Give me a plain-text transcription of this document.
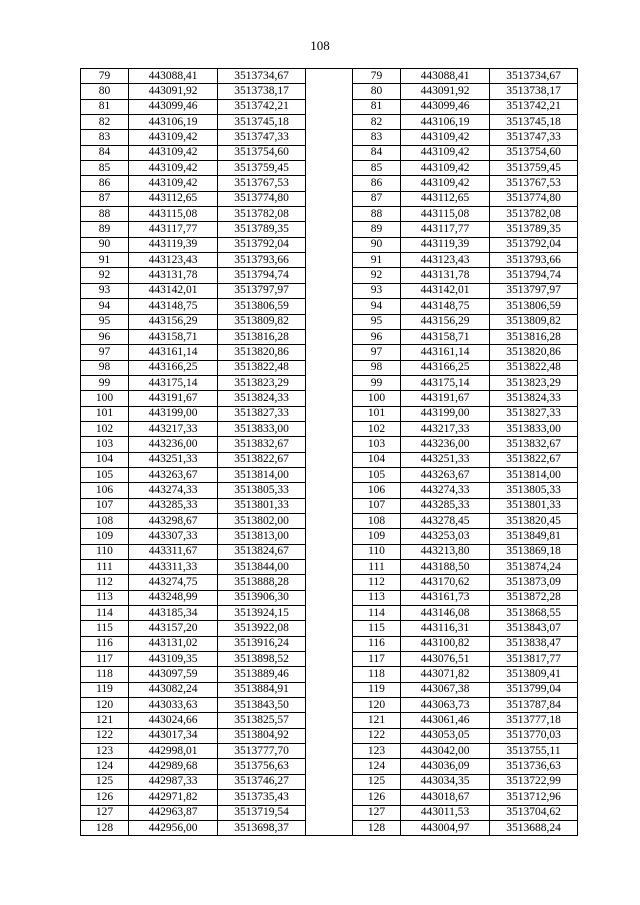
108
79	443088,41	3513734,67		79	443088,41	3513734,67
80	443091,92	3513738,17		80	443091,92	3513738,17
81	443099,46	3513742,21		81	443099,46	3513742,21
82	443106,19	3513745,18		82	443106,19	3513745,18
83	443109,42	3513747,33		83	443109,42	3513747,33
84	443109,42	3513754,60		84	443109,42	3513754,60
85	443109,42	3513759,45		85	443109,42	3513759,45
86	443109,42	3513767,53		86	443109,42	3513767,53
87	443112,65	3513774,80		87	443112,65	3513774,80
88	443115,08	3513782,08		88	443115,08	3513782,08
89	443117,77	3513789,35		89	443117,77	3513789,35
90	443119,39	3513792,04		90	443119,39	3513792,04
91	443123,43	3513793,66		91	443123,43	3513793,66
92	443131,78	3513794,74		92	443131,78	3513794,74
93	443142,01	3513797,97		93	443142,01	3513797,97
94	443148,75	3513806,59		94	443148,75	3513806,59
95	443156,29	3513809,82		95	443156,29	3513809,82
96	443158,71	3513816,28		96	443158,71	3513816,28
97	443161,14	3513820,86		97	443161,14	3513820,86
98	443166,25	3513822,48		98	443166,25	3513822,48
99	443175,14	3513823,29		99	443175,14	3513823,29
100	443191,67	3513824,33		100	443191,67	3513824,33
101	443199,00	3513827,33		101	443199,00	3513827,33
102	443217,33	3513833,00		102	443217,33	3513833,00
103	443236,00	3513832,67		103	443236,00	3513832,67
104	443251,33	3513822,67		104	443251,33	3513822,67
105	443263,67	3513814,00		105	443263,67	3513814,00
106	443274,33	3513805,33		106	443274,33	3513805,33
107	443285,33	3513801,33		107	443285,33	3513801,33
108	443298,67	3513802,00		108	443278,45	3513820,45
109	443307,33	3513813,00		109	443253,03	3513849,81
110	443311,67	3513824,67		110	443213,80	3513869,18
111	443311,33	3513844,00		111	443188,50	3513874,24
112	443274,75	3513888,28		112	443170,62	3513873,09
113	443248,99	3513906,30		113	443161,73	3513872,28
114	443185,34	3513924,15		114	443146,08	3513868,55
115	443157,20	3513922,08		115	443116,31	3513843,07
116	443131,02	3513916,24		116	443100,82	3513838,47
117	443109,35	3513898,52		117	443076,51	3513817,77
118	443097,59	3513889,46		118	443071,82	3513809,41
119	443082,24	3513884,91		119	443067,38	3513799,04
120	443033,63	3513843,50		120	443063,73	3513787,84
121	443024,66	3513825,57		121	443061,46	3513777,18
122	443017,34	3513804,92		122	443053,05	3513770,03
123	442998,01	3513777,70		123	443042,00	3513755,11
124	442989,68	3513756,63		124	443036,09	3513736,63
125	442987,33	3513746,27		125	443034,35	3513722,99
126	442971,82	3513735,43		126	443018,67	3513712,96
127	442963,87	3513719,54		127	443011,53	3513704,62
128	442956,00	3513698,37		128	443004,97	3513688,24
